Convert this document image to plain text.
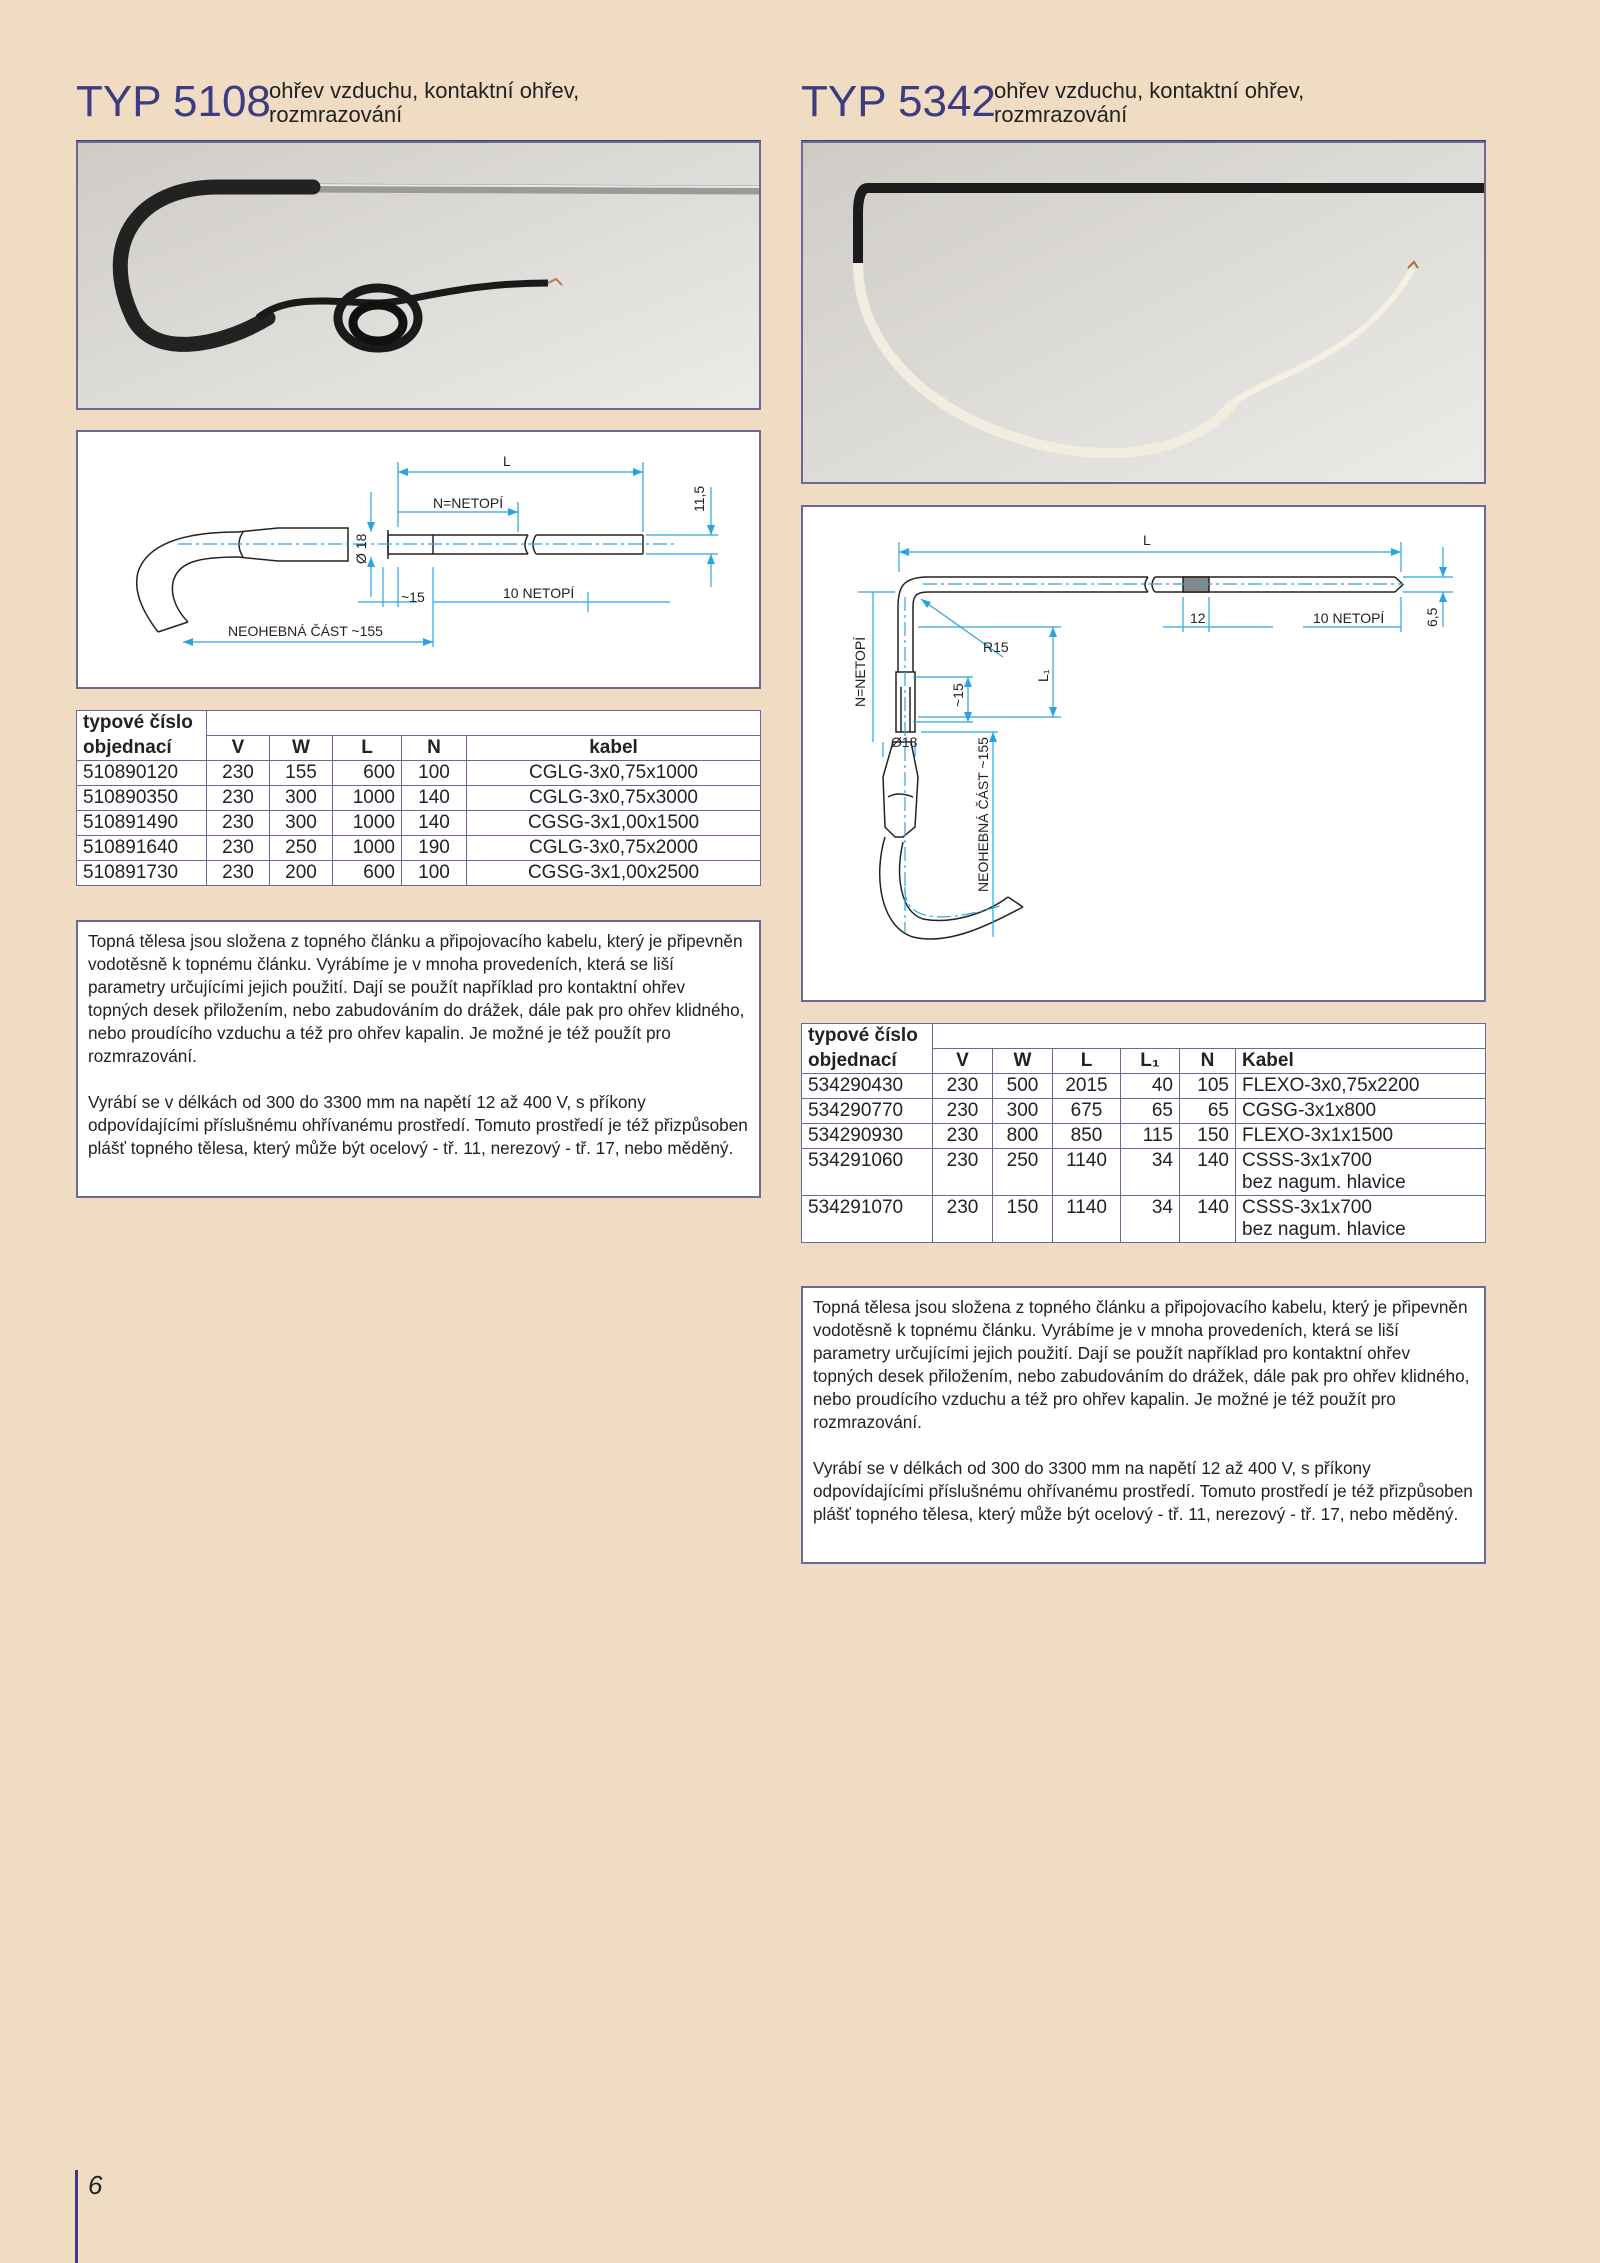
TYP 5108
ohřev vzduchu, kontaktní ohřev,
rozmrazování
L
N=NETOPÍ	11,5
Ø 18
~15	10 NETOPÍ
NEOHEBNÁ ČÁST ~155
typové číslo					
objednací	V	W	L	N	kabel
510890120	230	155	600	100	CGLG-3x0,75x1000
510890350	230	300	1000	140	CGLG-3x0,75x3000
510891490	230	300	1000	140	CGSG-3x1,00x1500
510891640	230	250	1000	190	CGLG-3x0,75x2000
510891730	230	200	600	100	CGSG-3x1,00x2500

Topná tělesa jsou složena z topného článku a připojovacího kabelu, který je připevněn vodotěsně k topnému článku. Vyrábíme je v mnoha provedeních, která se liší parametry určujícími jejich použití. Dají se použít například pro kontaktní ohřev topných desek přiložením, nebo zabudováním do drážek, dále pak pro ohřev klidného, nebo proudícího vzduchu a též pro ohřev kapalin. Je možné je též použít pro rozmrazování.

Vyrábí se v délkách od 300 do 3300 mm na napětí 12 až 400 V, s příkony odpovídajícími příslušnému ohřívanému prostředí. Tomuto prostředí je též přizpůsoben plášť topného tělesa, který může být ocelový - tř. 11, nerezový - tř. 17, nebo měděný.

TYP 5342
ohřev vzduchu, kontaktní ohřev,
rozmrazování
L
6,5
12	10 NETOPÍ
R15
L₁
N=NETOPÍ	~15
Ø18	NEOHEBNÁ ČÁST ~155
typové číslo						
objednací	V	W	L	L₁	N	Kabel
534290430	230	500	2015	40	105	FLEXO-3x0,75x2200
534290770	230	300	675	65	65	CGSG-3x1x800
534290930	230	800	850	115	150	FLEXO-3x1x1500
534291060	230	250	1140	34	140	CSSS-3x1x700
bez nagum. hlavice
534291070	230	150	1140	34	140	CSSS-3x1x700
bez nagum. hlavice

Topná tělesa jsou složena z topného článku a připojovacího kabelu, který je připevněn vodotěsně k topnému článku. Vyrábíme je v mnoha provedeních, která se liší parametry určujícími jejich použití. Dají se použít například pro kontaktní ohřev topných desek přiložením, nebo zabudováním do drážek, dále pak pro ohřev klidného, nebo proudícího vzduchu a též pro ohřev kapalin. Je možné je též použít pro rozmrazování.

Vyrábí se v délkách od 300 do 3300 mm na napětí 12 až 400 V, s příkony odpovídajícími příslušnému ohřívanému prostředí. Tomuto prostředí je též přizpůsoben plášť topného tělesa, který může být ocelový - tř. 11, nerezový - tř. 17, nebo měděný.

6
